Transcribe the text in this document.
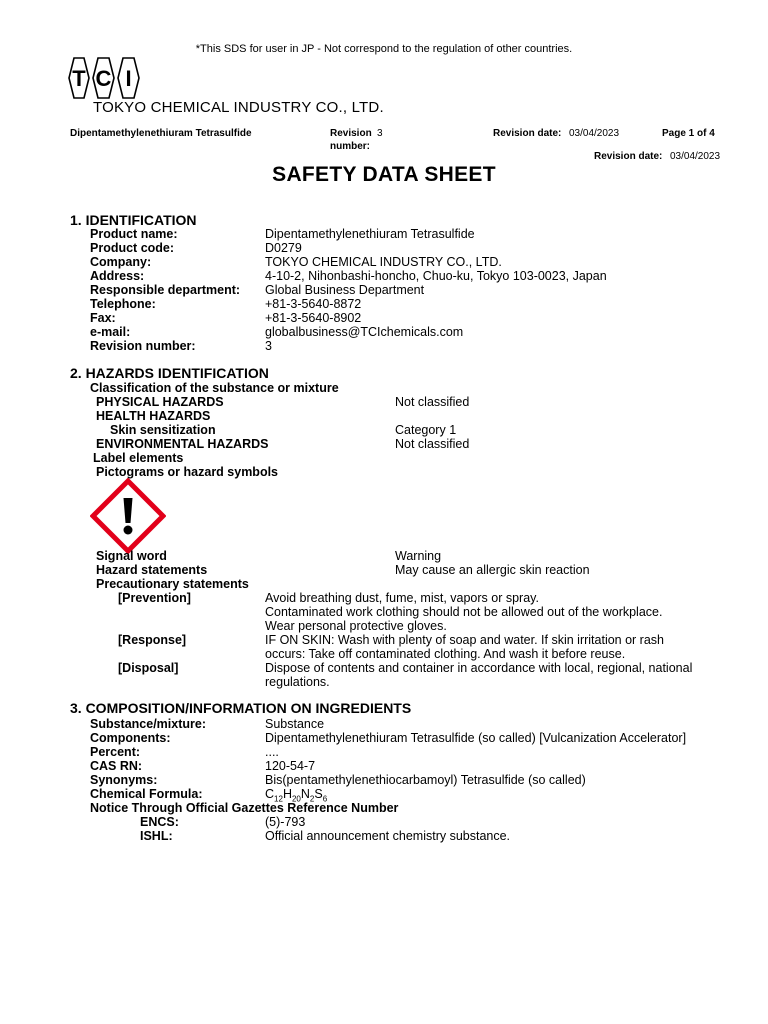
*This SDS for user in JP - Not correspond to the regulation of other countries.
T C I
TOKYO CHEMICAL INDUSTRY CO., LTD.
Dipentamethylenethiuram Tetrasulfide	Revision 3
number:
Revision date: 03/04/2023	Page 1 of 4
Revision date: 03/04/2023
SAFETY DATA SHEET
1. IDENTIFICATION
Product name:	Dipentamethylenethiuram Tetrasulfide
Product code:	D0279
Company:	TOKYO CHEMICAL INDUSTRY CO., LTD.
Address:	4-10-2, Nihonbashi-honcho, Chuo-ku, Tokyo 103-0023, Japan
Responsible department: Global Business Department
Telephone:	+81-3-5640-8872
Fax:	+81-3-5640-8902
e-mail:	globalbusiness@TCIchemicals.com
Revision number:	3
2. HAZARDS IDENTIFICATION
Classification of the substance or mixture
PHYSICAL HAZARDS	Not classified
HEALTH HAZARDS
Skin sensitization	Category 1
ENVIRONMENTAL HAZARDS	Not classified
Label elements
Pictograms or hazard symbols
Signal word	Warning
Hazard statements	May cause an allergic skin reaction
Precautionary statements
[Prevention]	Avoid breathing dust, fume, mist, vapors or spray.
Contaminated work clothing should not be allowed out of the workplace.
Wear personal protective gloves.
[Response]	IF ON SKIN: Wash with plenty of soap and water. If skin irritation or rash
occurs: Take off contaminated clothing. And wash it before reuse.
[Disposal]	Dispose of contents and container in accordance with local, regional, national
regulations.
3. COMPOSITION/INFORMATION ON INGREDIENTS
Substance/mixture:	Substance
Components:	Dipentamethylenethiuram Tetrasulfide (so called) [Vulcanization Accelerator]
Percent:	....
CAS RN:	120-54-7
Synonyms:	Bis(pentamethylenethiocarbamoyl) Tetrasulfide (so called)
Chemical Formula:	$C_{12}H_{20}N_2S_6$
Notice Through Official Gazettes Reference Number
ENCS:	(5)-793
ISHL:	Official announcement chemistry substance.
